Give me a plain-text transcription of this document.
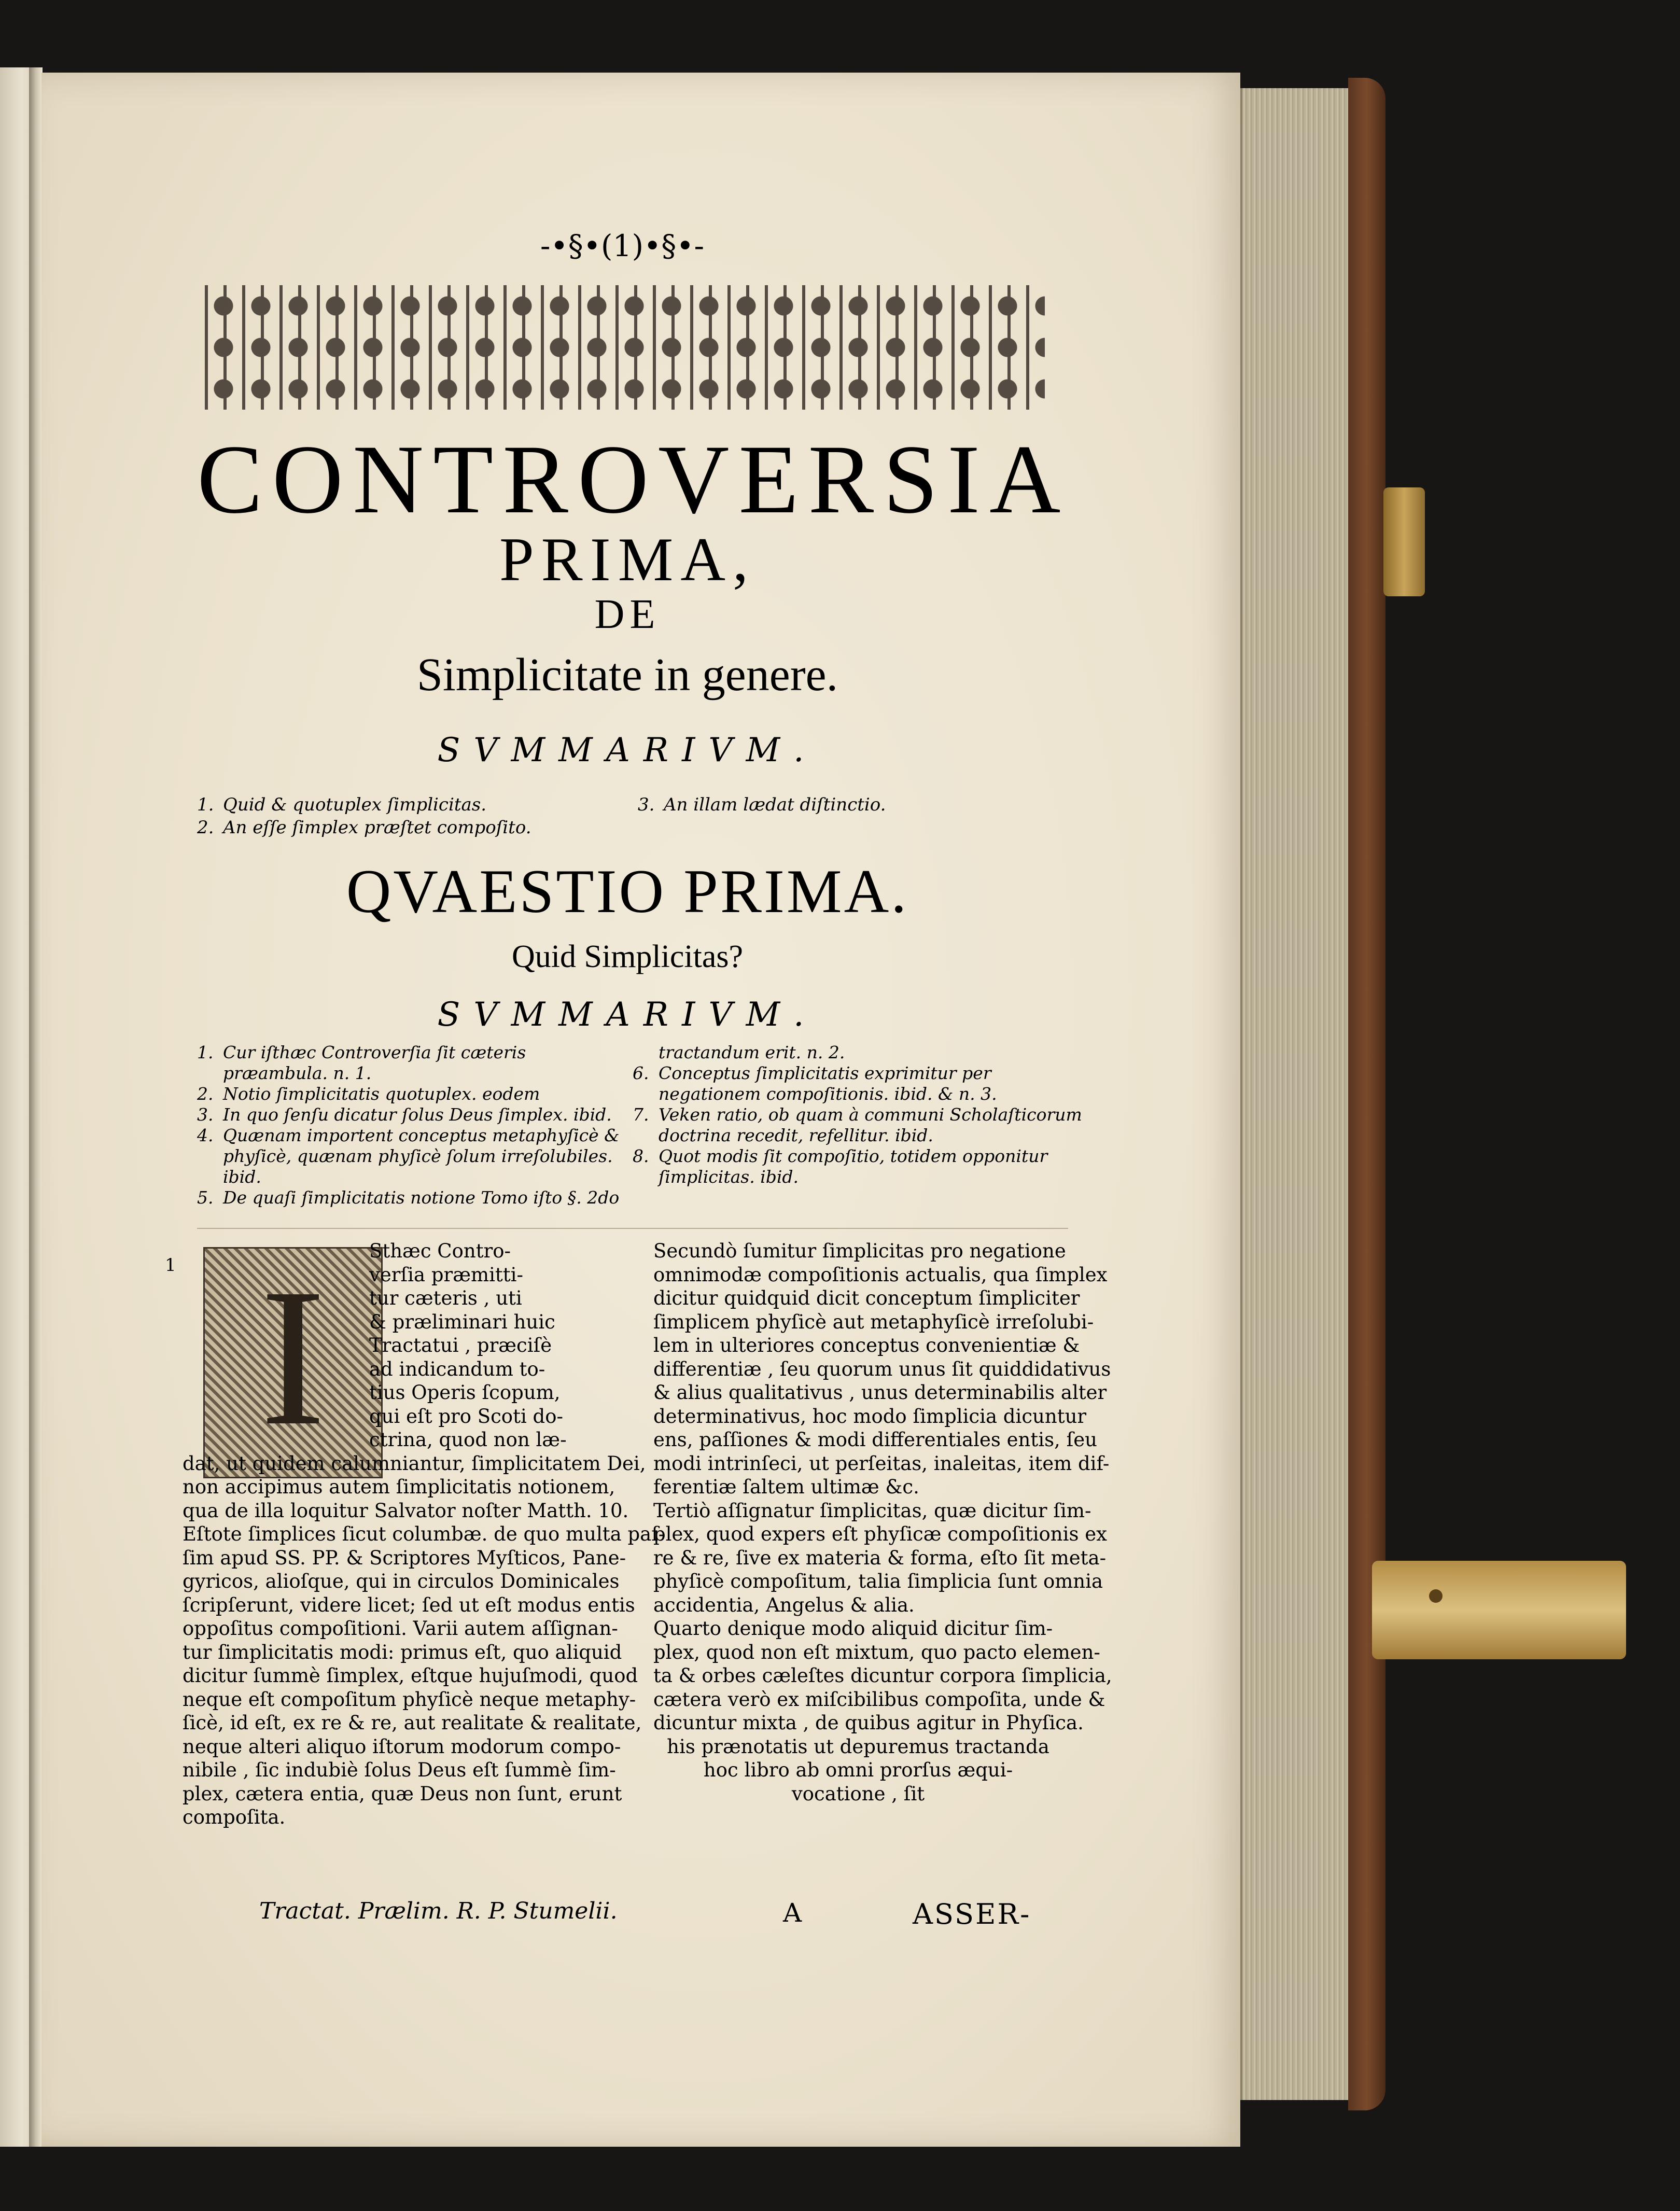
-•§•(1)•§•-
CONTROVERSIA
PRIMA,
DE
Simplicitate in genere.
SVMMARIVM.
1. Quid & quotuplex ſimplicitas.
2. An eſſe ſimplex præſtet compoſito.
3. An illam lædat diſtinctio.
QVAESTIO PRIMA.
Quid Simplicitas?
SVMMARIVM.
1. Cur iſthæc Controverſia ſit cæteris præambula. n. 1.
2. Notio ſimplicitatis quotuplex. eodem
3. In quo ſenſu dicatur ſolus Deus ſimplex. ibid.
4. Quænam importent conceptus metaphyſicè & phyſicè, quænam phyſicè ſolum irreſolubiles. ibid.
5. De quaſi ſimplicitatis notione Tomo iſto §. 2do
tractandum erit. n. 2.
6. Conceptus ſimplicitatis exprimitur per negationem compoſitionis. ibid. & n. 3.
7. Veken ratio, ob quam à communi Scholaſticorum doctrina recedit, refellitur. ibid.
8. Quot modis ſit compoſitio, totidem opponitur ſimplicitas. ibid.
1 I	Sthæc Contro-
verſia præmitti-
tur cæteris , uti
& præliminari huic
Tractatui , præciſè
ad indicandum to-
tius Operis ſcopum,
qui eſt pro Scoti do-
ctrina, quod non læ-
dat, ut quidem calumniantur, ſimplicitatem Dei,
non accipimus autem ſimplicitatis notionem,
qua de illa loquitur Salvator noſter Matth. 10.
Eſtote ſimplices ſicut columbæ. de quo multa paſ-
ſim apud SS. PP. & Scriptores Myſticos, Pane-
gyricos, alioſque, qui in circulos Dominicales
ſcripſerunt, videre licet; ſed ut eſt modus entis
oppoſitus compoſitioni. Varii autem aſſignan-
tur ſimplicitatis modi: primus eſt, quo aliquid
dicitur ſummè ſimplex, eſtque hujuſmodi, quod
neque eſt compoſitum phyſicè neque metaphy-
ſicè, id eſt, ex re & re, aut realitate & realitate,
neque alteri aliquo iſtorum modorum compo-
nibile , ſic indubiè ſolus Deus eſt ſummè ſim-
plex, cætera entia, quæ Deus non ſunt, erunt
compoſita.
Secundò ſumitur ſimplicitas pro negatione
omnimodæ compoſitionis actualis, qua ſimplex
dicitur quidquid dicit conceptum ſimpliciter
ſimplicem phyſicè aut metaphyſicè irreſolubi-
lem in ulteriores conceptus convenientiæ &
differentiæ , ſeu quorum unus ſit quiddidativus
& alius qualitativus , unus determinabilis alter
determinativus, hoc modo ſimplicia dicuntur
ens, paſſiones & modi differentiales entis, ſeu
modi intrinſeci, ut perſeitas, inaleitas, item dif-
ferentiæ ſaltem ultimæ &c.
Tertiò aſſignatur ſimplicitas, quæ dicitur ſim-
plex, quod expers eſt phyſicæ compoſitionis ex
re & re, ſive ex materia & forma, eſto ſit meta-
phyſicè compoſitum, talia ſimplicia ſunt omnia
accidentia, Angelus & alia.
Quarto denique modo aliquid dicitur ſim-
plex, quod non eſt mixtum, quo pacto elemen-
ta & orbes cæleſtes dicuntur corpora ſimplicia,
cætera verò ex miſcibilibus compoſita, unde &
dicuntur mixta , de quibus agitur in Phyſica.
his prænotatis ut depuremus tractanda
hoc libro ab omni prorſus æqui-
vocatione , ſit
Tractat. Prælim. R. P. Stumelii.	A	ASSER-
